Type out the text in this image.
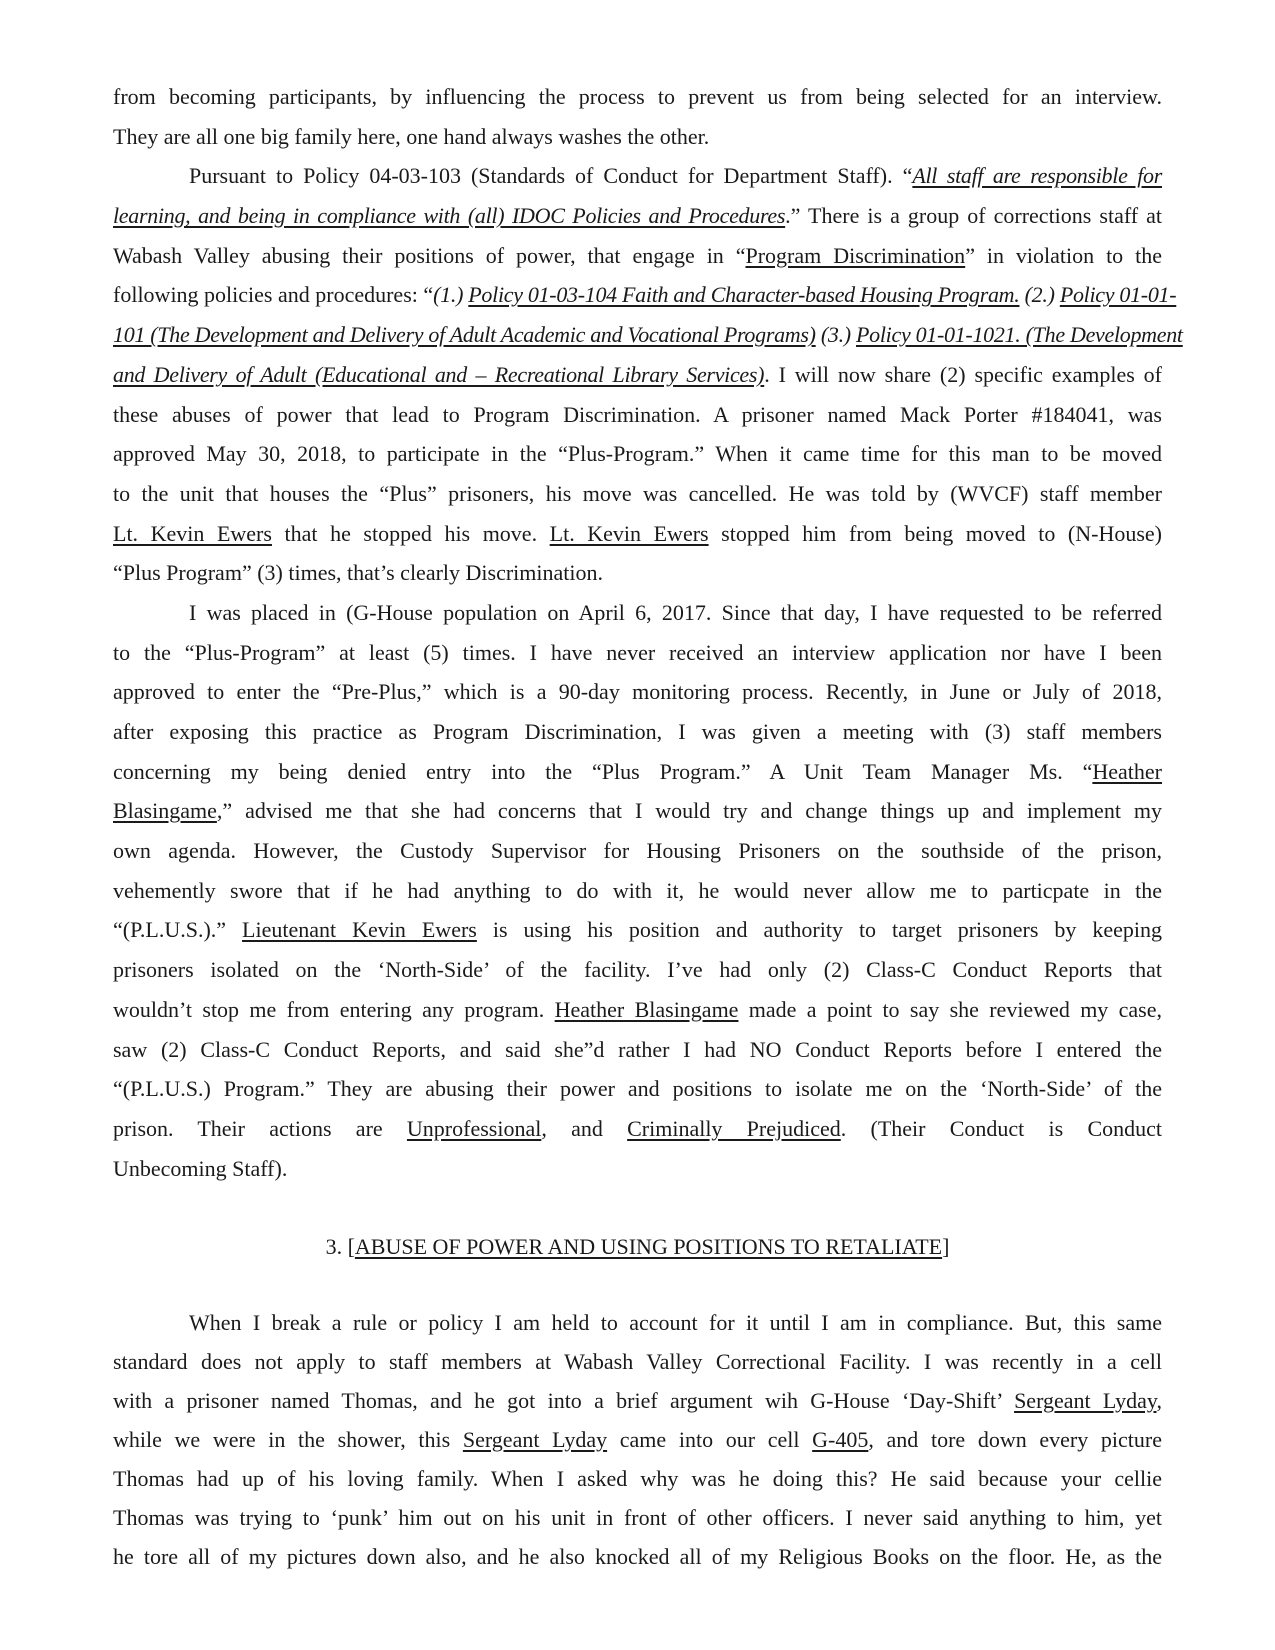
from becoming participants, by influencing the process to prevent us from being selected for an interview.
They are all one big family here, one hand always washes the other.
Pursuant to Policy 04-03-103 (Standards of Conduct for Department Staff). “All staff are responsible for
learning, and being in compliance with (all) IDOC Policies and Procedures.” There is a group of corrections staff at
Wabash Valley abusing their positions of power, that engage in “Program Discrimination” in violation to the
following policies and procedures: “(1.) Policy 01-03-104 Faith and Character-based Housing Program. (2.) Policy 01-01-
101 (The Development and Delivery of Adult Academic and Vocational Programs) (3.) Policy 01-01-1021. (The Development
and Delivery of Adult (Educational and – Recreational Library Services). I will now share (2) specific examples of
these abuses of power that lead to Program Discrimination. A prisoner named Mack Porter #184041, was
approved May 30, 2018, to participate in the “Plus-Program.” When it came time for this man to be moved
to the unit that houses the “Plus” prisoners, his move was cancelled. He was told by (WVCF) staff member
Lt. Kevin Ewers that he stopped his move. Lt. Kevin Ewers stopped him from being moved to (N-House)
“Plus Program” (3) times, that’s clearly Discrimination.
I was placed in (G-House population on April 6, 2017. Since that day, I have requested to be referred
to the “Plus-Program” at least (5) times. I have never received an interview application nor have I been
approved to enter the “Pre-Plus,” which is a 90-day monitoring process. Recently, in June or July of 2018,
after exposing this practice as Program Discrimination, I was given a meeting with (3) staff members
concerning my being denied entry into the “Plus Program.” A Unit Team Manager Ms. “Heather
Blasingame,” advised me that she had concerns that I would try and change things up and implement my
own agenda. However, the Custody Supervisor for Housing Prisoners on the southside of the prison,
vehemently swore that if he had anything to do with it, he would never allow me to particpate in the
“(P.L.U.S.).” Lieutenant Kevin Ewers is using his position and authority to target prisoners by keeping
prisoners isolated on the ‘North-Side’ of the facility. I’ve had only (2) Class-C Conduct Reports that
wouldn’t stop me from entering any program. Heather Blasingame made a point to say she reviewed my case,
saw (2) Class-C Conduct Reports, and said she”d rather I had NO Conduct Reports before I entered the
“(P.L.U.S.) Program.” They are abusing their power and positions to isolate me on the ‘North-Side’ of the
prison. Their actions are Unprofessional, and Criminally Prejudiced. (Their Conduct is Conduct
Unbecoming Staff).
3. [ABUSE OF POWER AND USING POSITIONS TO RETALIATE]
When I break a rule or policy I am held to account for it until I am in compliance. But, this same
standard does not apply to staff members at Wabash Valley Correctional Facility. I was recently in a cell
with a prisoner named Thomas, and he got into a brief argument wih G-House ‘Day-Shift’ Sergeant Lyday,
while we were in the shower, this Sergeant Lyday came into our cell G-405, and tore down every picture
Thomas had up of his loving family. When I asked why was he doing this? He said because your cellie
Thomas was trying to ‘punk’ him out on his unit in front of other officers. I never said anything to him, yet
he tore all of my pictures down also, and he also knocked all of my Religious Books on the floor. He, as the
